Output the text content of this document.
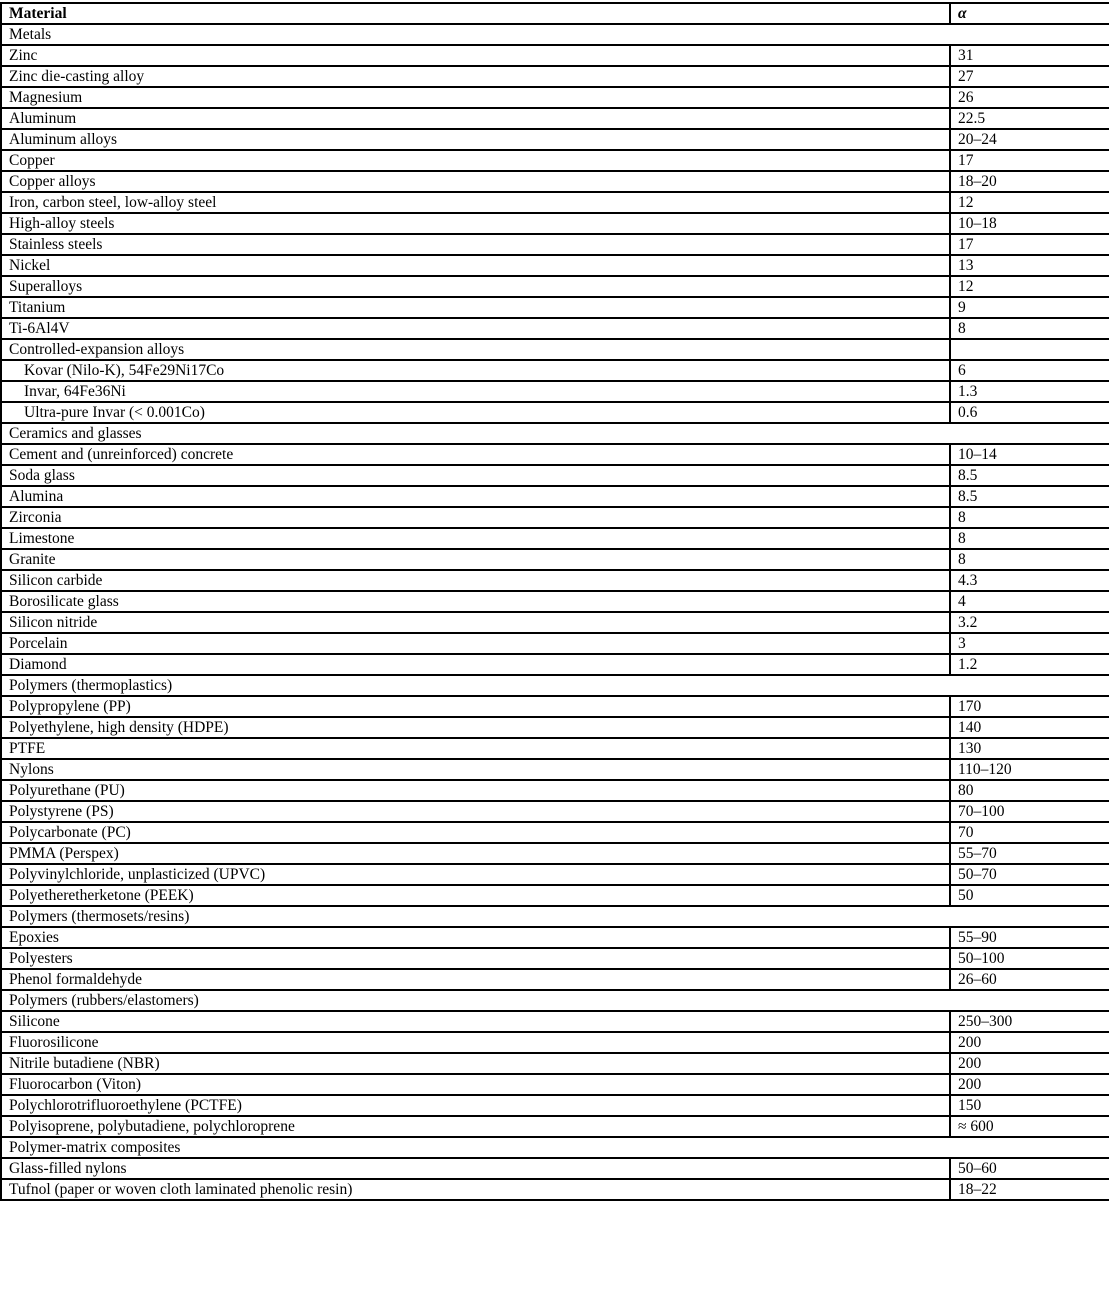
Material	α
Metals	
Zinc	31
Zinc die-casting alloy	27
Magnesium	26
Aluminum	22.5
Aluminum alloys	20–24
Copper	17
Copper alloys	18–20
Iron, carbon steel, low-alloy steel	12
High-alloy steels	10–18
Stainless steels	17
Nickel	13
Superalloys	12
Titanium	9
Ti-6Al4V	8
Controlled-expansion alloys	
Kovar (Nilo-K), 54Fe29Ni17Co	6
Invar, 64Fe36Ni	1.3
Ultra-pure Invar (< 0.001Co)	0.6
Ceramics and glasses	
Cement and (unreinforced) concrete	10–14
Soda glass	8.5
Alumina	8.5
Zirconia	8
Limestone	8
Granite	8
Silicon carbide	4.3
Borosilicate glass	4
Silicon nitride	3.2
Porcelain	3
Diamond	1.2
Polymers (thermoplastics)	
Polypropylene (PP)	170
Polyethylene, high density (HDPE)	140
PTFE	130
Nylons	110–120
Polyurethane (PU)	80
Polystyrene (PS)	70–100
Polycarbonate (PC)	70
PMMA (Perspex)	55–70
Polyvinylchloride, unplasticized (UPVC)	50–70
Polyetheretherketone (PEEK)	50
Polymers (thermosets/resins)	
Epoxies	55–90
Polyesters	50–100
Phenol formaldehyde	26–60
Polymers (rubbers/elastomers)	
Silicone	250–300
Fluorosilicone	200
Nitrile butadiene (NBR)	200
Fluorocarbon (Viton)	200
Polychlorotrifluoroethylene (PCTFE)	150
Polyisoprene, polybutadiene, polychloroprene	≈ 600
Polymer-matrix composites	
Glass-filled nylons	50–60
Tufnol (paper or woven cloth laminated phenolic resin)	18–22
